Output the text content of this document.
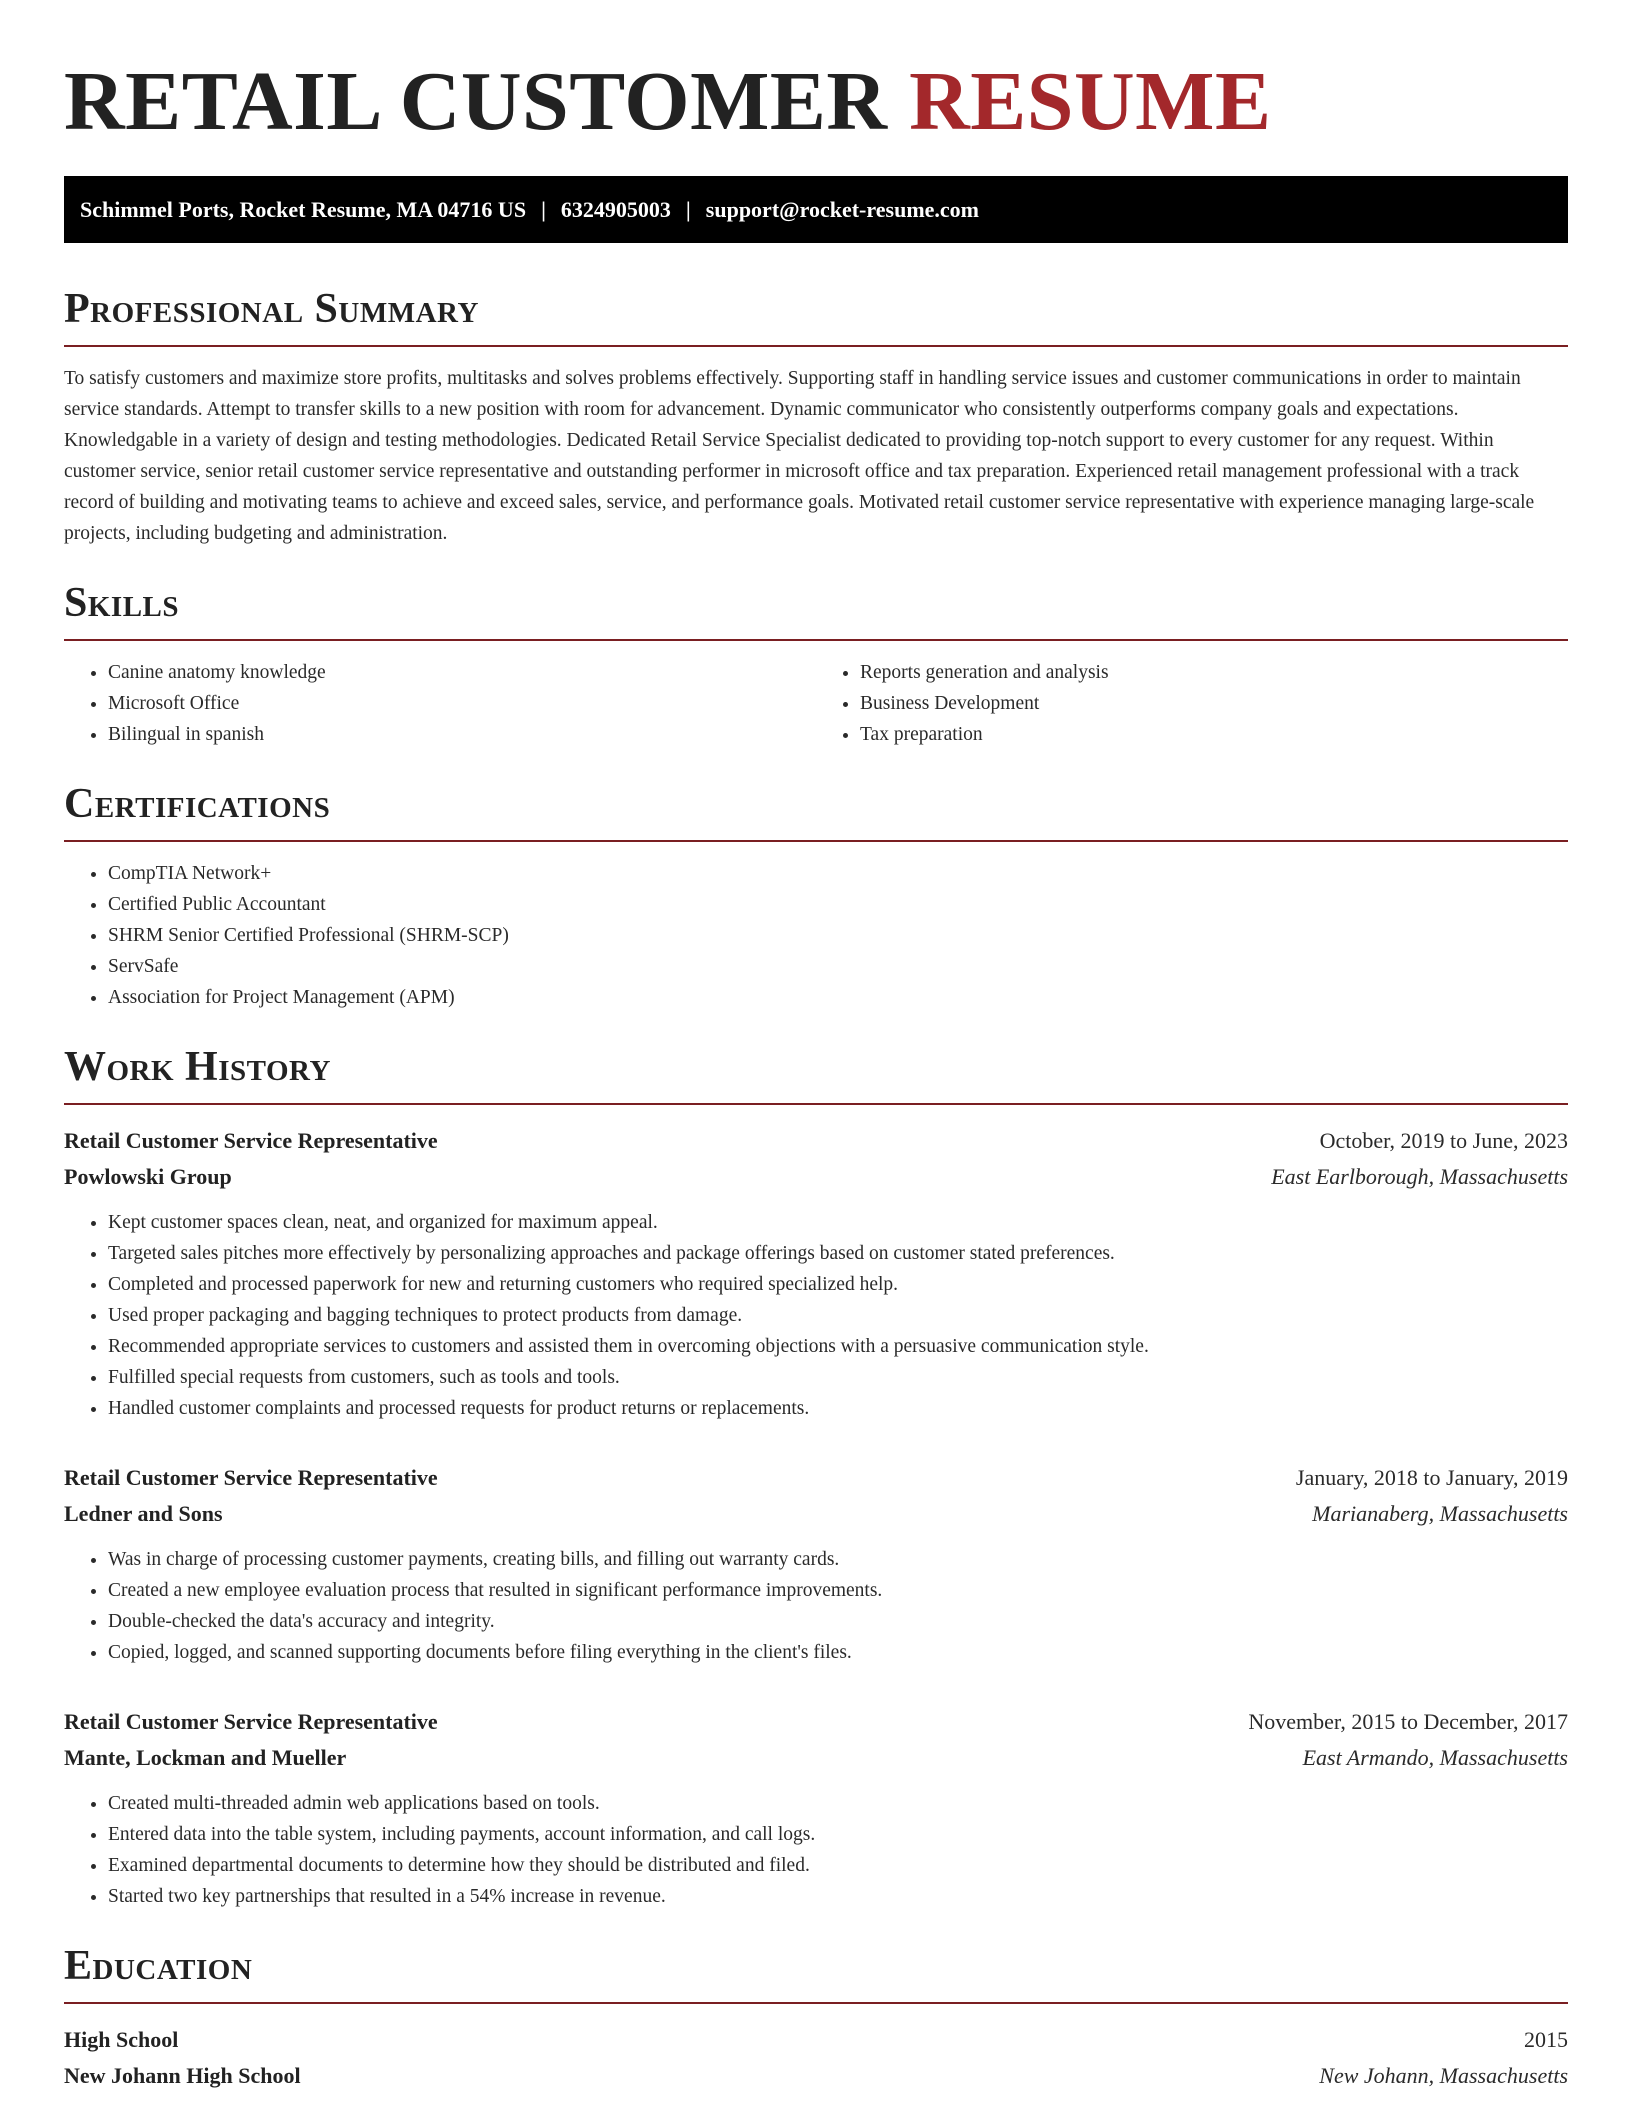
RETAIL CUSTOMER RESUME
Schimmel Ports, Rocket Resume, MA 04716 US | 6324905003 | support@rocket-resume.com
Professional Summary

To satisfy customers and maximize store profits, multitasks and solves problems effectively. Supporting staff in handling service issues and customer communications in order to maintain service standards. Attempt to transfer skills to a new position with room for advancement. Dynamic communicator who consistently outperforms company goals and expectations. Knowledgable in a variety of design and testing methodologies. Dedicated Retail Service Specialist dedicated to providing top-notch support to every customer for any request. Within customer service, senior retail customer service representative and outstanding performer in microsoft office and tax preparation. Experienced retail management professional with a track record of building and motivating teams to achieve and exceed sales, service, and performance goals. Motivated retail customer service representative with experience managing large-scale projects, including budgeting and administration.

Skills
• Canine anatomy knowledge
• Microsoft Office
• Bilingual in spanish
• Reports generation and analysis
• Business Development
• Tax preparation
Certifications
• CompTIA Network+
• Certified Public Accountant
• SHRM Senior Certified Professional (SHRM-SCP)
• ServSafe
• Association for Project Management (APM)
Work History
Retail Customer Service Representative	October, 2019 to June, 2023
Powlowski Group	East Earlborough, Massachusetts
• Kept customer spaces clean, neat, and organized for maximum appeal.
• Targeted sales pitches more effectively by personalizing approaches and package offerings based on customer stated preferences.
• Completed and processed paperwork for new and returning customers who required specialized help.
• Used proper packaging and bagging techniques to protect products from damage.
• Recommended appropriate services to customers and assisted them in overcoming objections with a persuasive communication style.
• Fulfilled special requests from customers, such as tools and tools.
• Handled customer complaints and processed requests for product returns or replacements.
Retail Customer Service Representative	January, 2018 to January, 2019
Ledner and Sons	Marianaberg, Massachusetts
• Was in charge of processing customer payments, creating bills, and filling out warranty cards.
• Created a new employee evaluation process that resulted in significant performance improvements.
• Double-checked the data's accuracy and integrity.
• Copied, logged, and scanned supporting documents before filing everything in the client's files.
Retail Customer Service Representative	November, 2015 to December, 2017
Mante, Lockman and Mueller	East Armando, Massachusetts
• Created multi-threaded admin web applications based on tools.
• Entered data into the table system, including payments, account information, and call logs.
• Examined departmental documents to determine how they should be distributed and filed.
• Started two key partnerships that resulted in a 54% increase in revenue.
Education
High School	2015
New Johann High School	New Johann, Massachusetts
